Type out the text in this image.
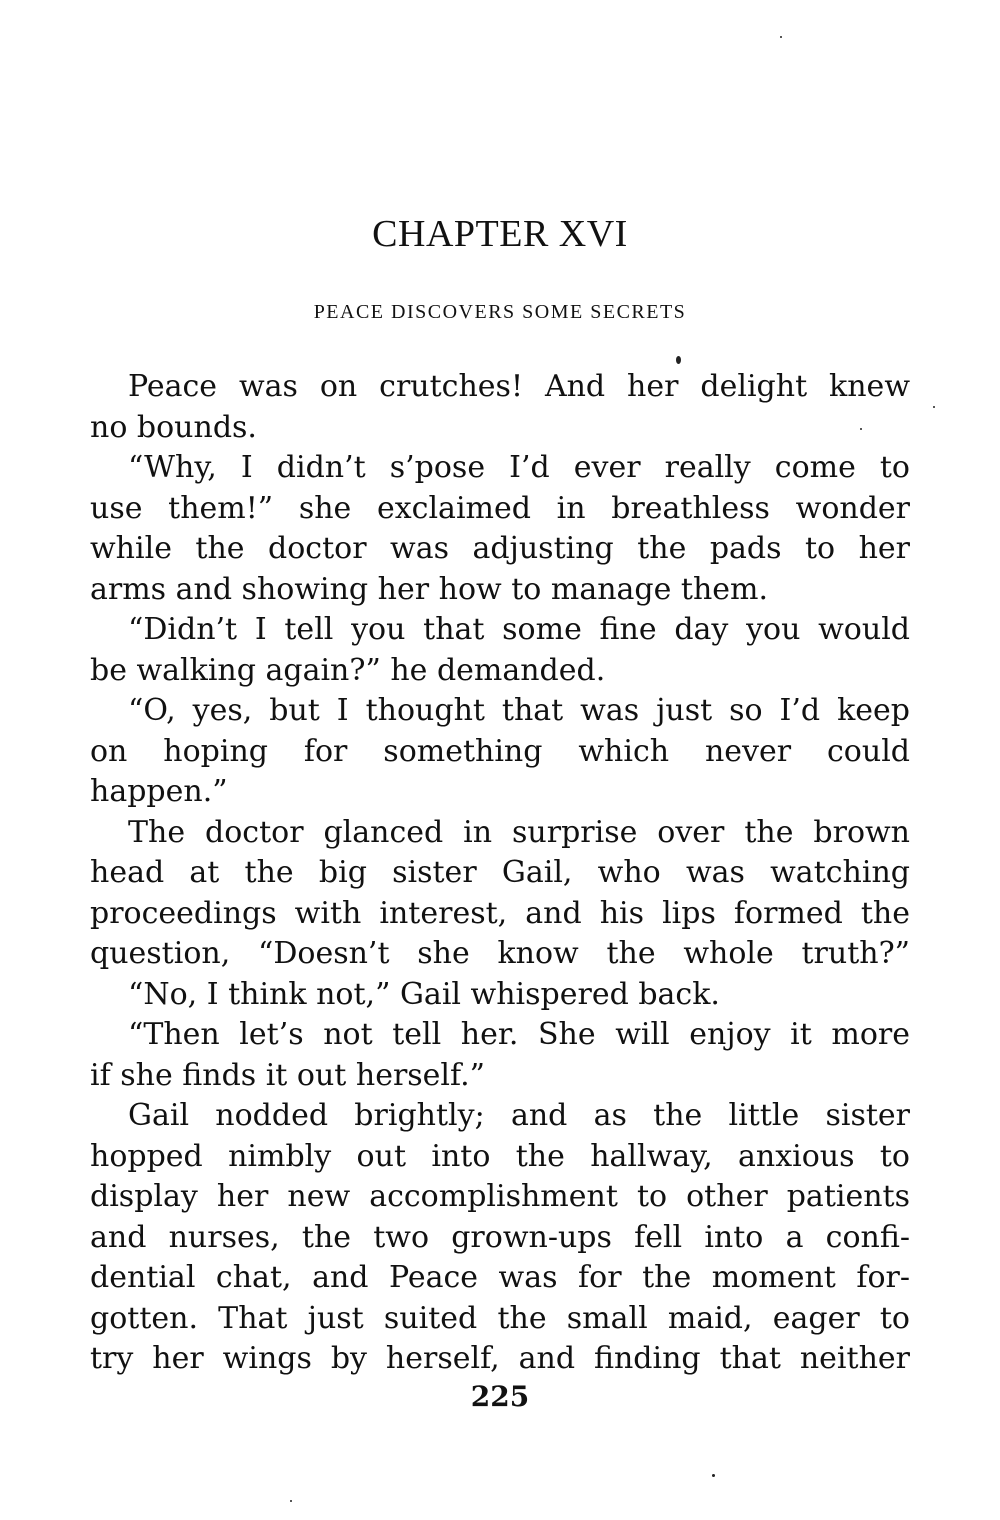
CHAPTER XVI
PEACE DISCOVERS SOME SECRETS
Peace was on crutches! And her delight knew
no bounds.
“Why, I didn’t s’pose I’d ever really come to
use them!” she exclaimed in breathless wonder
while the doctor was adjusting the pads to her
arms and showing her how to manage them.
“Didn’t I tell you that some fine day you would
be walking again?” he demanded.
“O, yes, but I thought that was just so I’d keep
on hoping for something which never could
happen.”
The doctor glanced in surprise over the brown
head at the big sister Gail, who was watching
proceedings with interest, and his lips formed the
question, “Doesn’t she know the whole truth?”
“No, I think not,” Gail whispered back.
“Then let’s not tell her. She will enjoy it more
if she finds it out herself.”
Gail nodded brightly; and as the little sister
hopped nimbly out into the hallway, anxious to
display her new accomplishment to other patients
and nurses, the two grown-ups fell into a confi-
dential chat, and Peace was for the moment for-
gotten. That just suited the small maid, eager to
try her wings by herself, and finding that neither
225
